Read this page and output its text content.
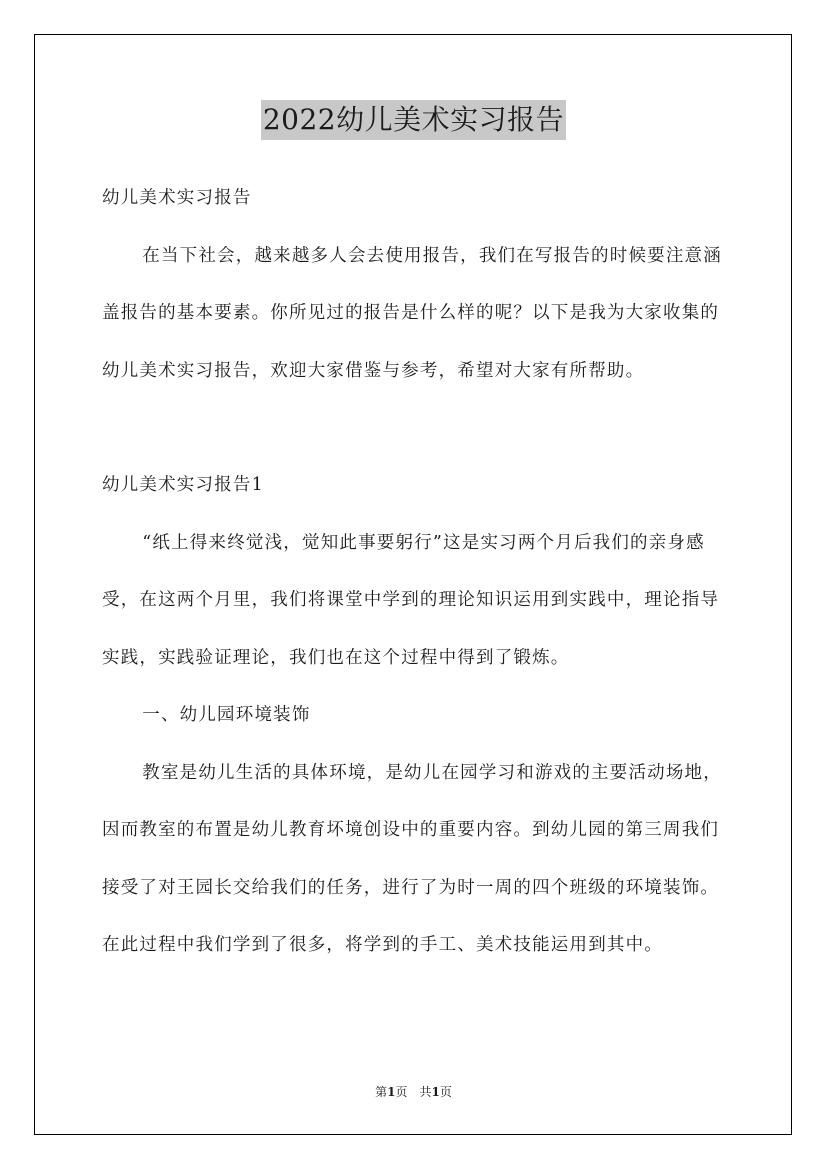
2022幼儿美术实习报告

幼儿美术实习报告

在当下社会，越来越多人会去使用报告，我们在写报告的时候要注意涵盖报告的基本要素。你所见过的报告是什么样的呢？以下是我为大家收集的幼儿美术实习报告，欢迎大家借鉴与参考，希望对大家有所帮助。

幼儿美术实习报告1

“纸上得来终觉浅，觉知此事要躬行”这是实习两个月后我们的亲身感受，在这两个月里，我们将课堂中学到的理论知识运用到实践中，理论指导实践，实践验证理论，我们也在这个过程中得到了锻炼。

一、幼儿园环境装饰

教室是幼儿生活的具体环境，是幼儿在园学习和游戏的主要活动场地，因而教室的布置是幼儿教育坏境创设中的重要内容。到幼儿园的第三周我们接受了对王园长交给我们的任务，进行了为时一周的四个班级的环境装饰。在此过程中我们学到了很多，将学到的手工、美术技能运用到其中。

第1页　共1页
